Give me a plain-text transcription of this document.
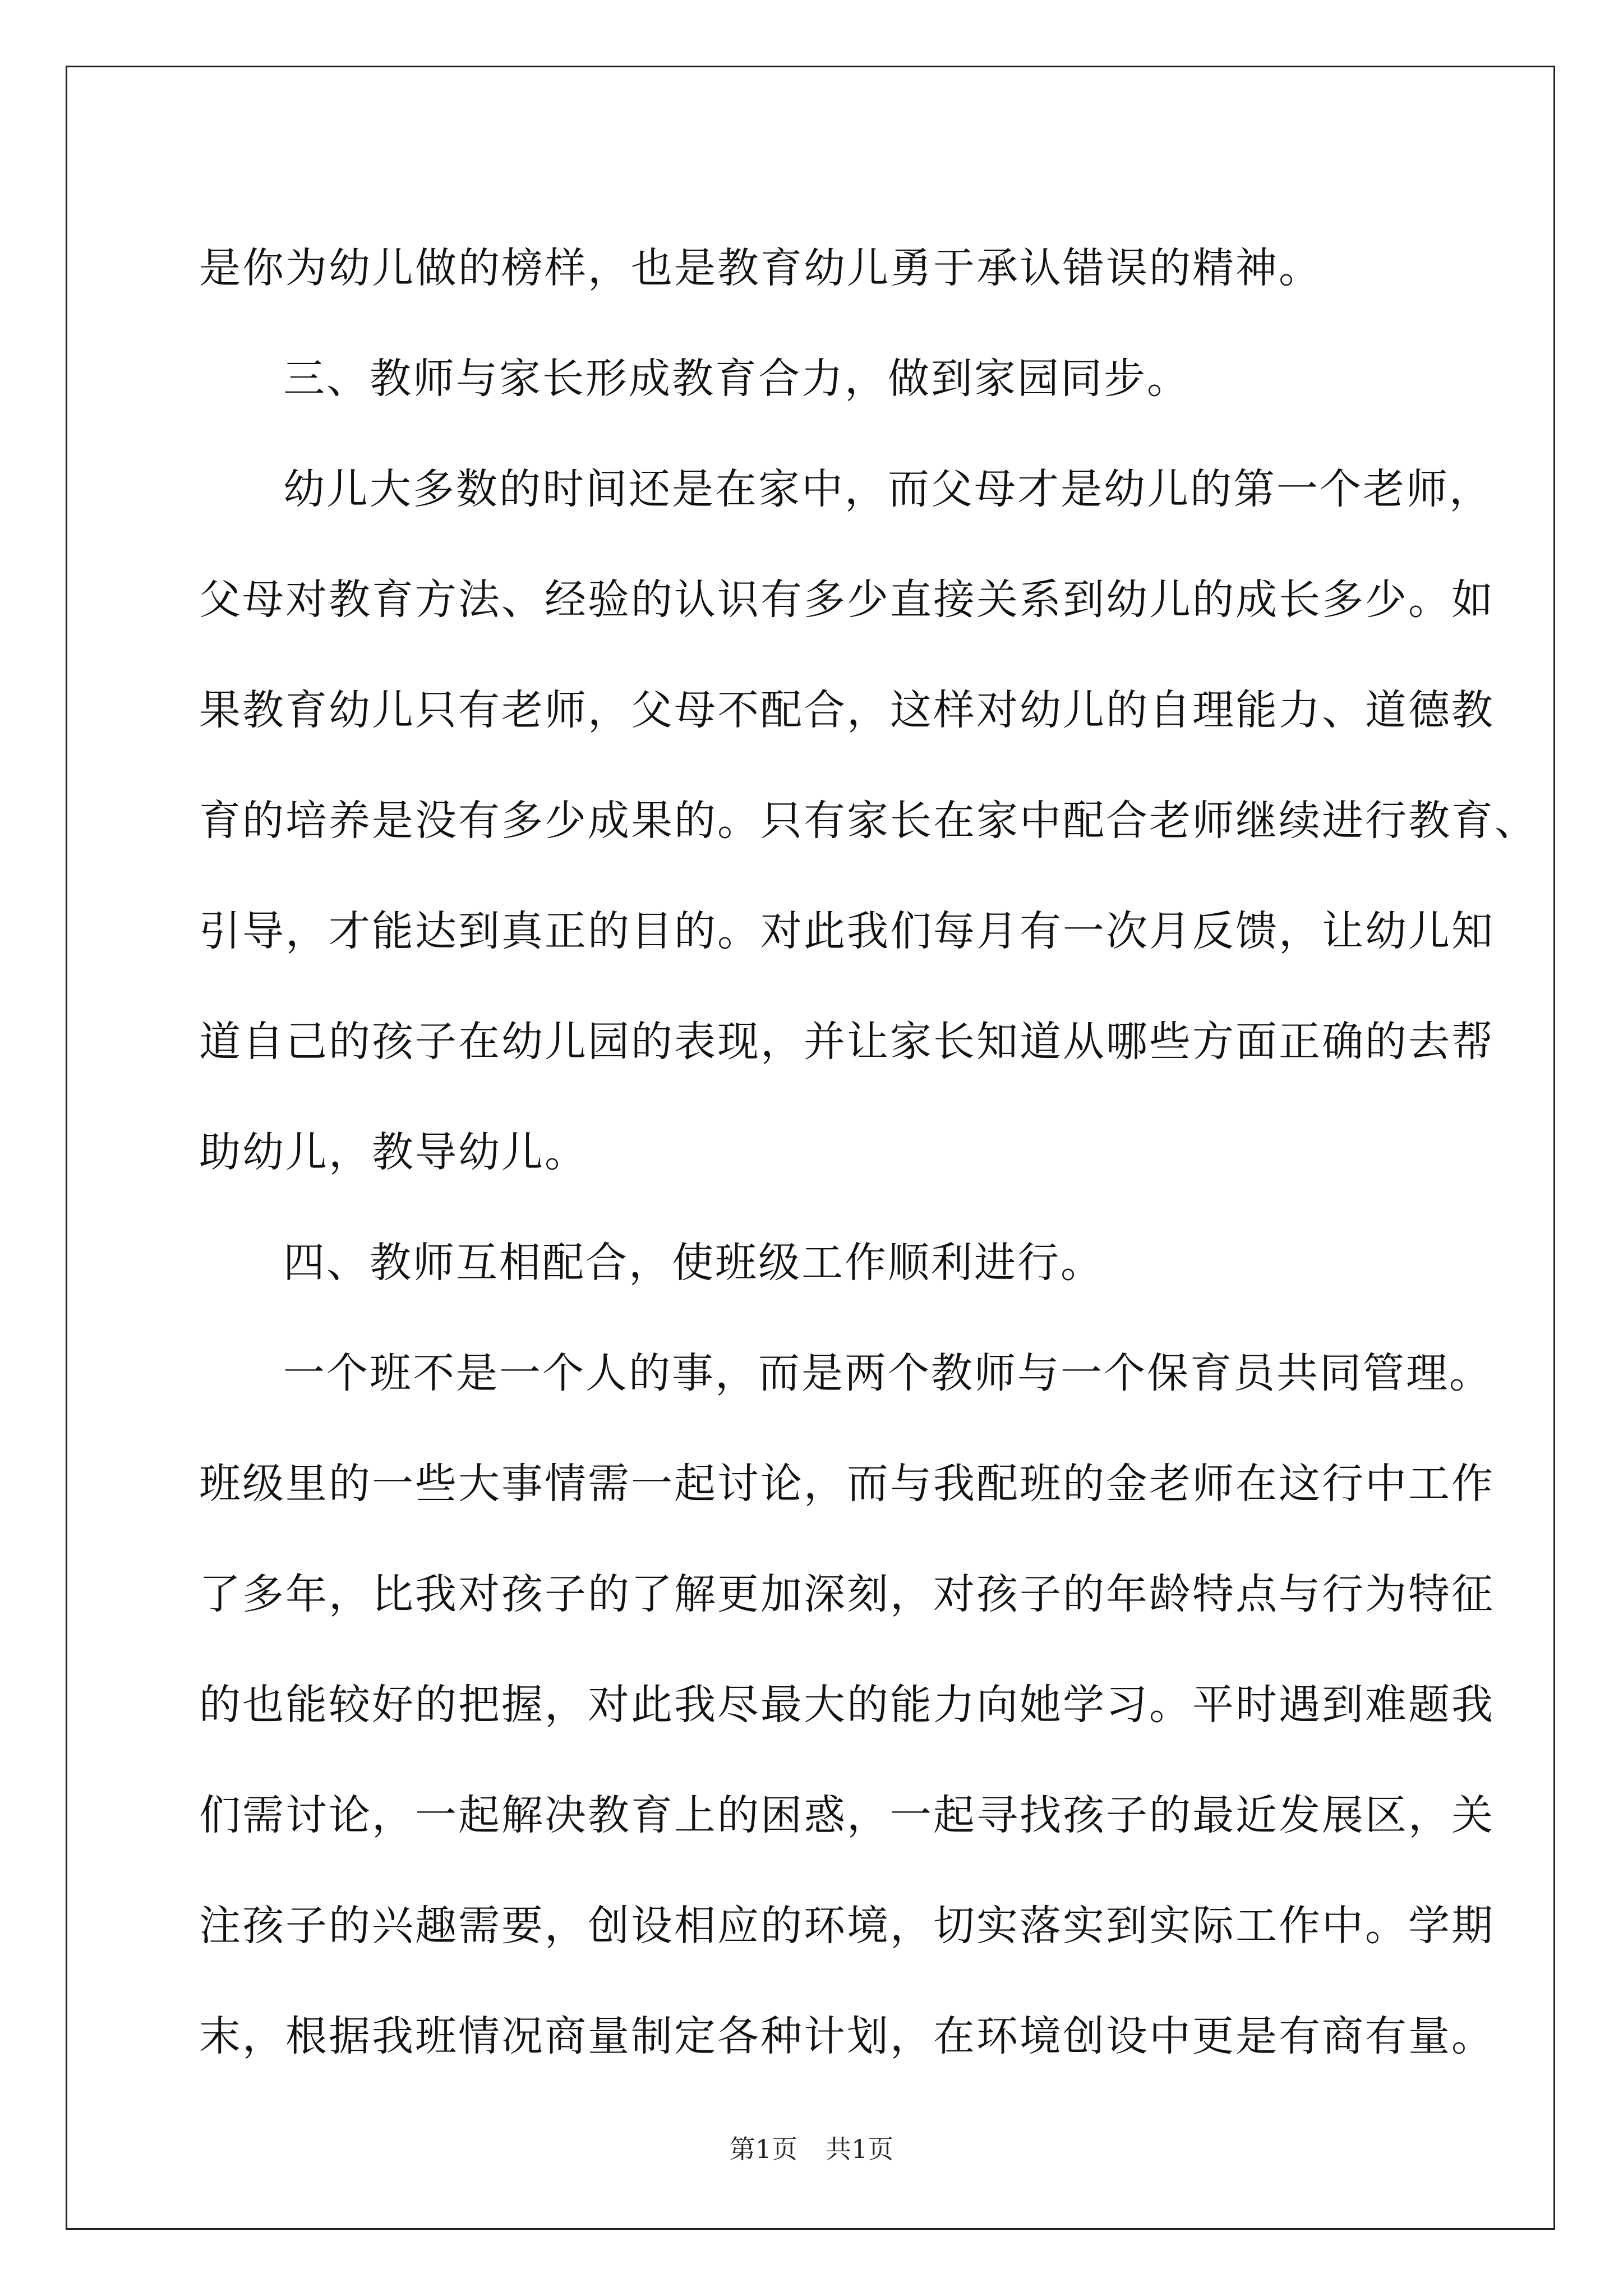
是你为幼儿做的榜样，也是教育幼儿勇于承认错误的精神。
三、教师与家长形成教育合力，做到家园同步。
幼儿大多数的时间还是在家中，而父母才是幼儿的第一个老师，
父母对教育方法、经验的认识有多少直接关系到幼儿的成长多少。如
果教育幼儿只有老师，父母不配合，这样对幼儿的自理能力、道德教
育的培养是没有多少成果的。只有家长在家中配合老师继续进行教育、
引导，才能达到真正的目的。对此我们每月有一次月反馈，让幼儿知
道自己的孩子在幼儿园的表现，并让家长知道从哪些方面正确的去帮
助幼儿，教导幼儿。
四、教师互相配合，使班级工作顺利进行。
一个班不是一个人的事，而是两个教师与一个保育员共同管理。
班级里的一些大事情需一起讨论，而与我配班的金老师在这行中工作
了多年，比我对孩子的了解更加深刻，对孩子的年龄特点与行为特征
的也能较好的把握，对此我尽最大的能力向她学习。平时遇到难题我
们需讨论，一起解决教育上的困惑，一起寻找孩子的最近发展区，关
注孩子的兴趣需要，创设相应的环境，切实落实到实际工作中。学期
末，根据我班情况商量制定各种计划，在环境创设中更是有商有量。
第1页 共1页
